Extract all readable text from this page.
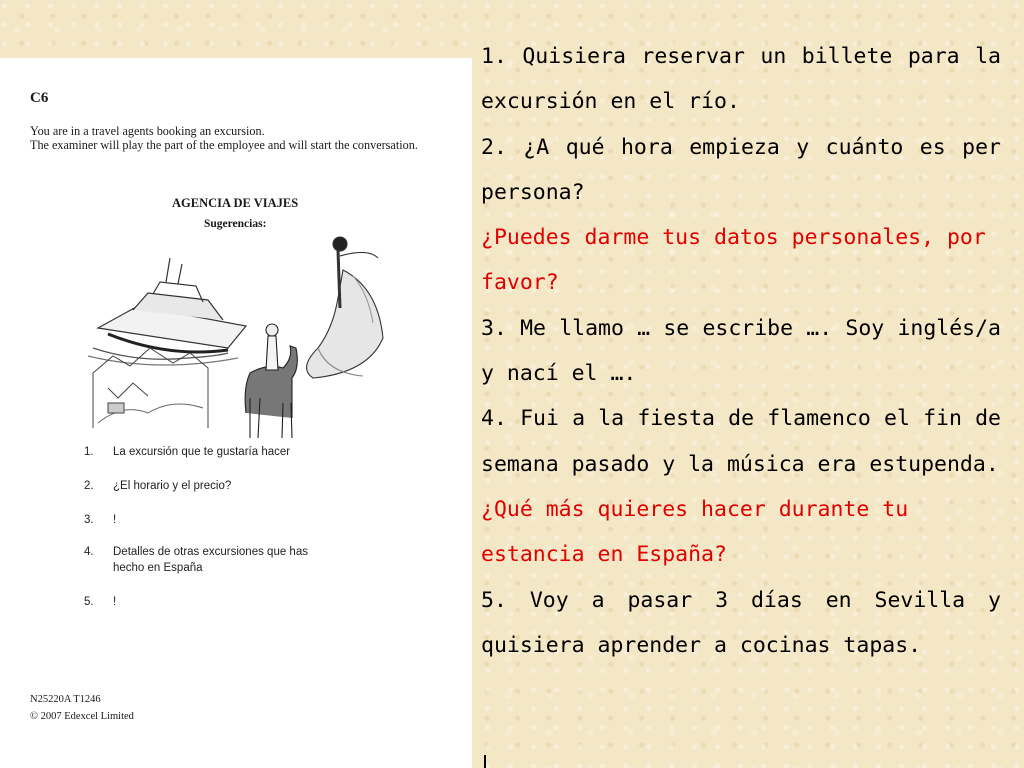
C6
You are in a travel agents booking an excursion.
The examiner will play the part of the employee and will start the conversation.
AGENCIA DE VIAJES
Sugerencias:
1.	La excursión que te gustaría hacer
2.	¿El horario y el precio?
3.	!
4.	Detalles de otras excursiones que has
hecho en España
5.	!
N25220A T1246
© 2007 Edexcel Limited

1. Quisiera reservar un billete para la excursión en el río.

2. ¿A qué hora empieza y cuánto es per persona?

¿Puedes darme tus datos personales, por favor?

3. Me llamo … se escribe …. Soy inglés/a y nací el ….

4. Fui a la fiesta de flamenco el fin de semana pasado y la música era estupenda.

¿Qué más quieres hacer durante tu estancia en España?

5. Voy a pasar 3 días en Sevilla y quisiera aprender a cocinas tapas.
